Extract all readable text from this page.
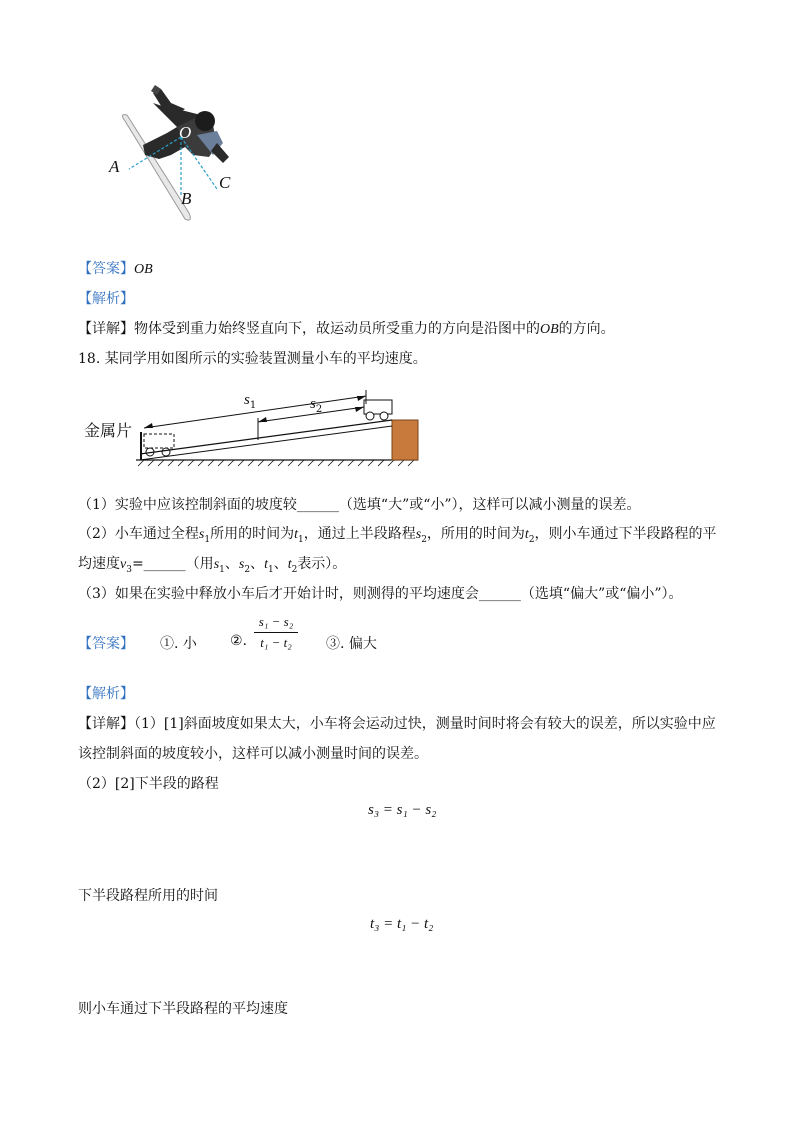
O
A
B
C
【答案】OB
【解析】
【详解】物体受到重力始终竖直向下，故运动员所受重力的方向是沿图中的OB的方向。
18. 某同学用如图所示的实验装置测量小车的平均速度。
金属片
$s_1$	$s_2$
（1）实验中应该控制斜面的坡度较______（选填“大”或“小”），这样可以减小测量的误差。
（2）小车通过全程$s_1$所用的时间为$t_1$，通过上半段路程$s_2$，所用的时间为$t_2$，则小车通过下半段路程的平
均速度$v_3=\_\_\_\_\_\_$（用$s_1$、$s_2$、$t_1$、$t_2$表示）。
（3）如果在实验中释放小车后才开始计时，则测得的平均速度会______（选填“偏大”或“偏小”）。
【答案】 ①. 小 ②.
s₁ − s₂
t₁ − t₂	③. 偏大
【解析】
【详解】（1）[1]斜面坡度如果太大，小车将会运动过快，测量时间时将会有较大的误差，所以实验中应
该控制斜面的坡度较小，这样可以减小测量时间的误差。
（2）[2]下半段的路程
s₃ = s₁ − s₂
下半段路程所用的时间
t₃ = t₁ − t₂
则小车通过下半段路程的平均速度
